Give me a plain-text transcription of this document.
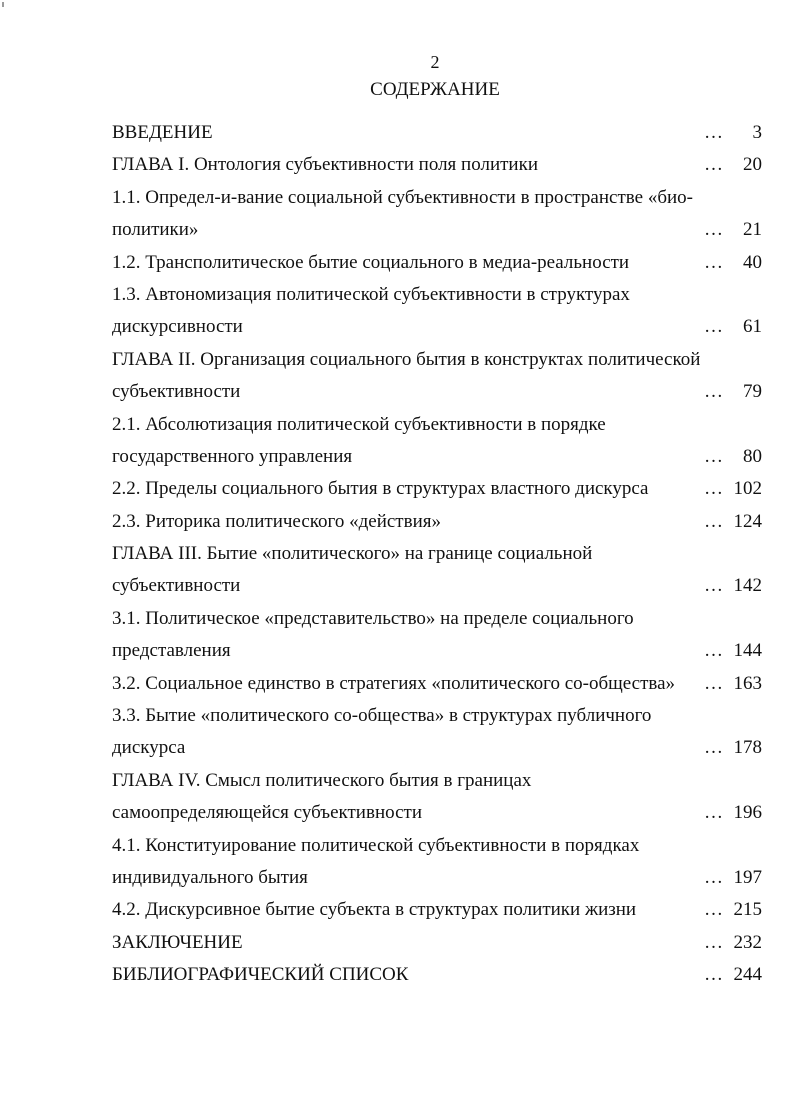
2
СОДЕРЖАНИЕ
ВВЕДЕНИЕ	… 3
ГЛАВА I. Онтология субъективности поля политики	… 20
1.1. Определ-и-вание социальной субъективности в пространстве «био-
политики»	… 21
1.2. Трансполитическое бытие социального в медиа-реальности	… 40
1.3. Автономизация политической субъективности в структурах
дискурсивности	… 61
ГЛАВА II. Организация социального бытия в конструктах политической
субъективности	… 79
2.1. Абсолютизация политической субъективности в порядке
государственного управления	… 80
2.2. Пределы социального бытия в структурах властного дискурса	… 102
2.3. Риторика политического «действия»	… 124
ГЛАВА III. Бытие «политического» на границе социальной
субъективности	… 142
3.1. Политическое «представительство» на пределе социального
представления	… 144
3.2. Социальное единство в стратегиях «политического со-общества» … 163
3.3. Бытие «политического со-общества» в структурах публичного
дискурса	… 178
ГЛАВА IV. Смысл политического бытия в границах
самоопределяющейся субъективности	… 196
4.1. Конституирование политической субъективности в порядках
индивидуального бытия	… 197
4.2. Дискурсивное бытие субъекта в структурах политики жизни	… 215
ЗАКЛЮЧЕНИЕ	… 232
БИБЛИОГРАФИЧЕСКИЙ СПИСОК	… 244
